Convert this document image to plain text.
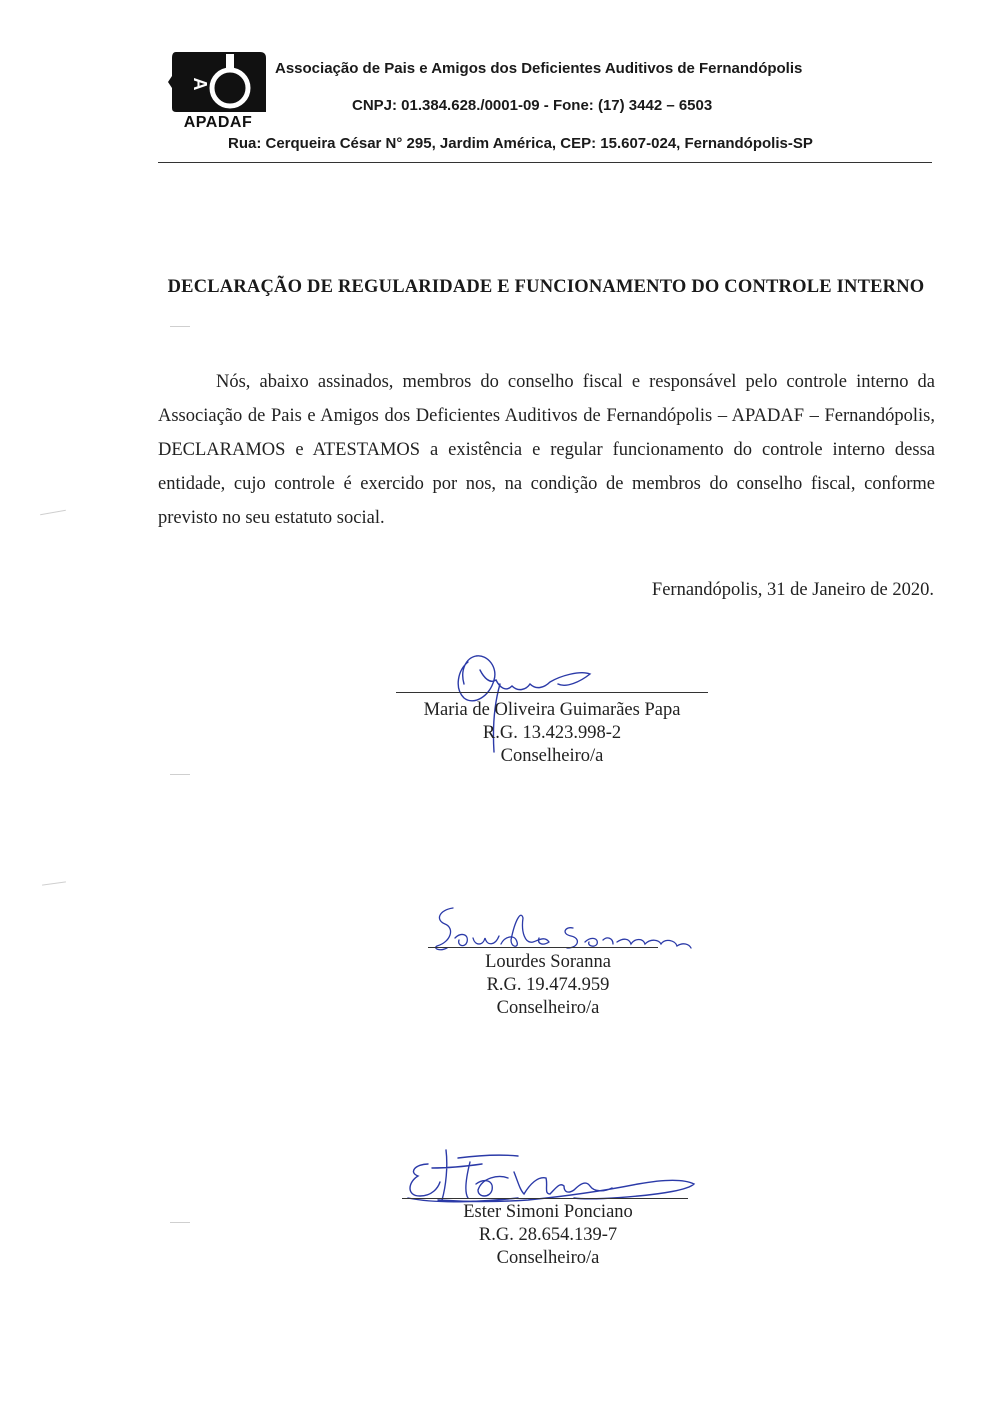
A
APADAF
Associação de Pais e Amigos dos Deficientes Auditivos de Fernandópolis
CNPJ: 01.384.628./0001-09 - Fone: (17) 3442 – 6503
Rua: Cerqueira César N° 295, Jardim América, CEP: 15.607-024, Fernandópolis-SP
DECLARAÇÃO DE REGULARIDADE E FUNCIONAMENTO DO CONTROLE INTERNO
Nós, abaixo assinados, membros do conselho fiscal e responsável pelo controle interno da Associação de Pais e Amigos dos Deficientes Auditivos de Fernandópolis – APADAF – Fernandópolis, DECLARAMOS e ATESTAMOS a existência e regular funcionamento do controle interno dessa entidade, cujo controle é exercido por nos, na condição de membros do conselho fiscal, conforme previsto no seu estatuto social.
Fernandópolis, 31 de Janeiro de 2020.
Maria de Oliveira Guimarães Papa
R.G. 13.423.998-2
Conselheiro/a
Lourdes Soranna
R.G. 19.474.959
Conselheiro/a
Ester Simoni Ponciano
R.G. 28.654.139-7
Conselheiro/a
